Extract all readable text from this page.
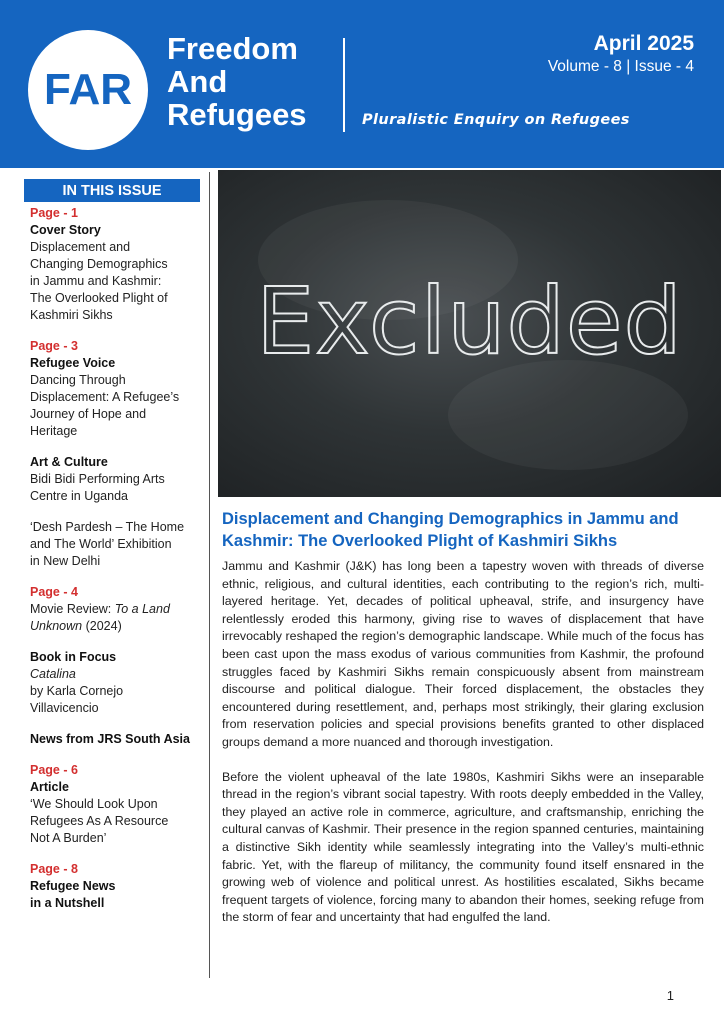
FAR
Freedom
And
Refugees	Pluralistic Enquiry on Refugees
April 2025
Volume - 8 | Issue - 4
IN THIS ISSUE
Page - 1
Cover Story
Displacement and
Changing Demographics
in Jammu and Kashmir:
The Overlooked Plight of
Kashmiri Sikhs
Page - 3
Refugee Voice
Dancing Through
Displacement: A Refugee’s
Journey of Hope and
Heritage
Art & Culture
Bidi Bidi Performing Arts
Centre in Uganda
‘Desh Pardesh – The Home
and The World’ Exhibition
in New Delhi
Page - 4
Movie Review: To a Land
Unknown (2024)
Book in Focus
Catalina
by Karla Cornejo
Villavicencio
News from JRS South Asia
Page - 6
Article
‘We Should Look Upon
Refugees As A Resource
Not A Burden’
Page - 8
Refugee News
in a Nutshell
Excluded
Displacement and Changing Demographics in Jammu and Kashmir: The Overlooked Plight of Kashmiri Sikhs

Jammu and Kashmir (J&K) has long been a tapestry woven with threads of diverse ethnic, religious, and cultural identities, each contributing to the region’s rich, multi-layered heritage. Yet, decades of political upheaval, strife, and insurgency have relentlessly eroded this harmony, giving rise to waves of displacement that have irrevocably reshaped the region’s demographic landscape. While much of the focus has been cast upon the mass exodus of various communities from Kashmir, the profound struggles faced by Kashmiri Sikhs remain conspicuously absent from mainstream discourse and political dialogue. Their forced displacement, the obstacles they encountered during resettlement, and, perhaps most strikingly, their glaring exclusion from reservation policies and special provisions benefits granted to other displaced groups demand a more nuanced and thorough investigation.

Before the violent upheaval of the late 1980s, Kashmiri Sikhs were an inseparable thread in the region’s vibrant social tapestry. With roots deeply embedded in the Valley, they played an active role in commerce, agriculture, and craftsmanship, enriching the cultural canvas of Kashmir. Their presence in the region spanned centuries, maintaining a distinctive Sikh identity while seamlessly integrating into the Valley’s multi-ethnic fabric. Yet, with the flareup of militancy, the community found itself ensnared in the growing web of violence and political unrest. As hostilities escalated, Sikhs became frequent targets of violence, forcing many to abandon their homes, seeking refuge from the storm of fear and uncertainty that had engulfed the land.

1
